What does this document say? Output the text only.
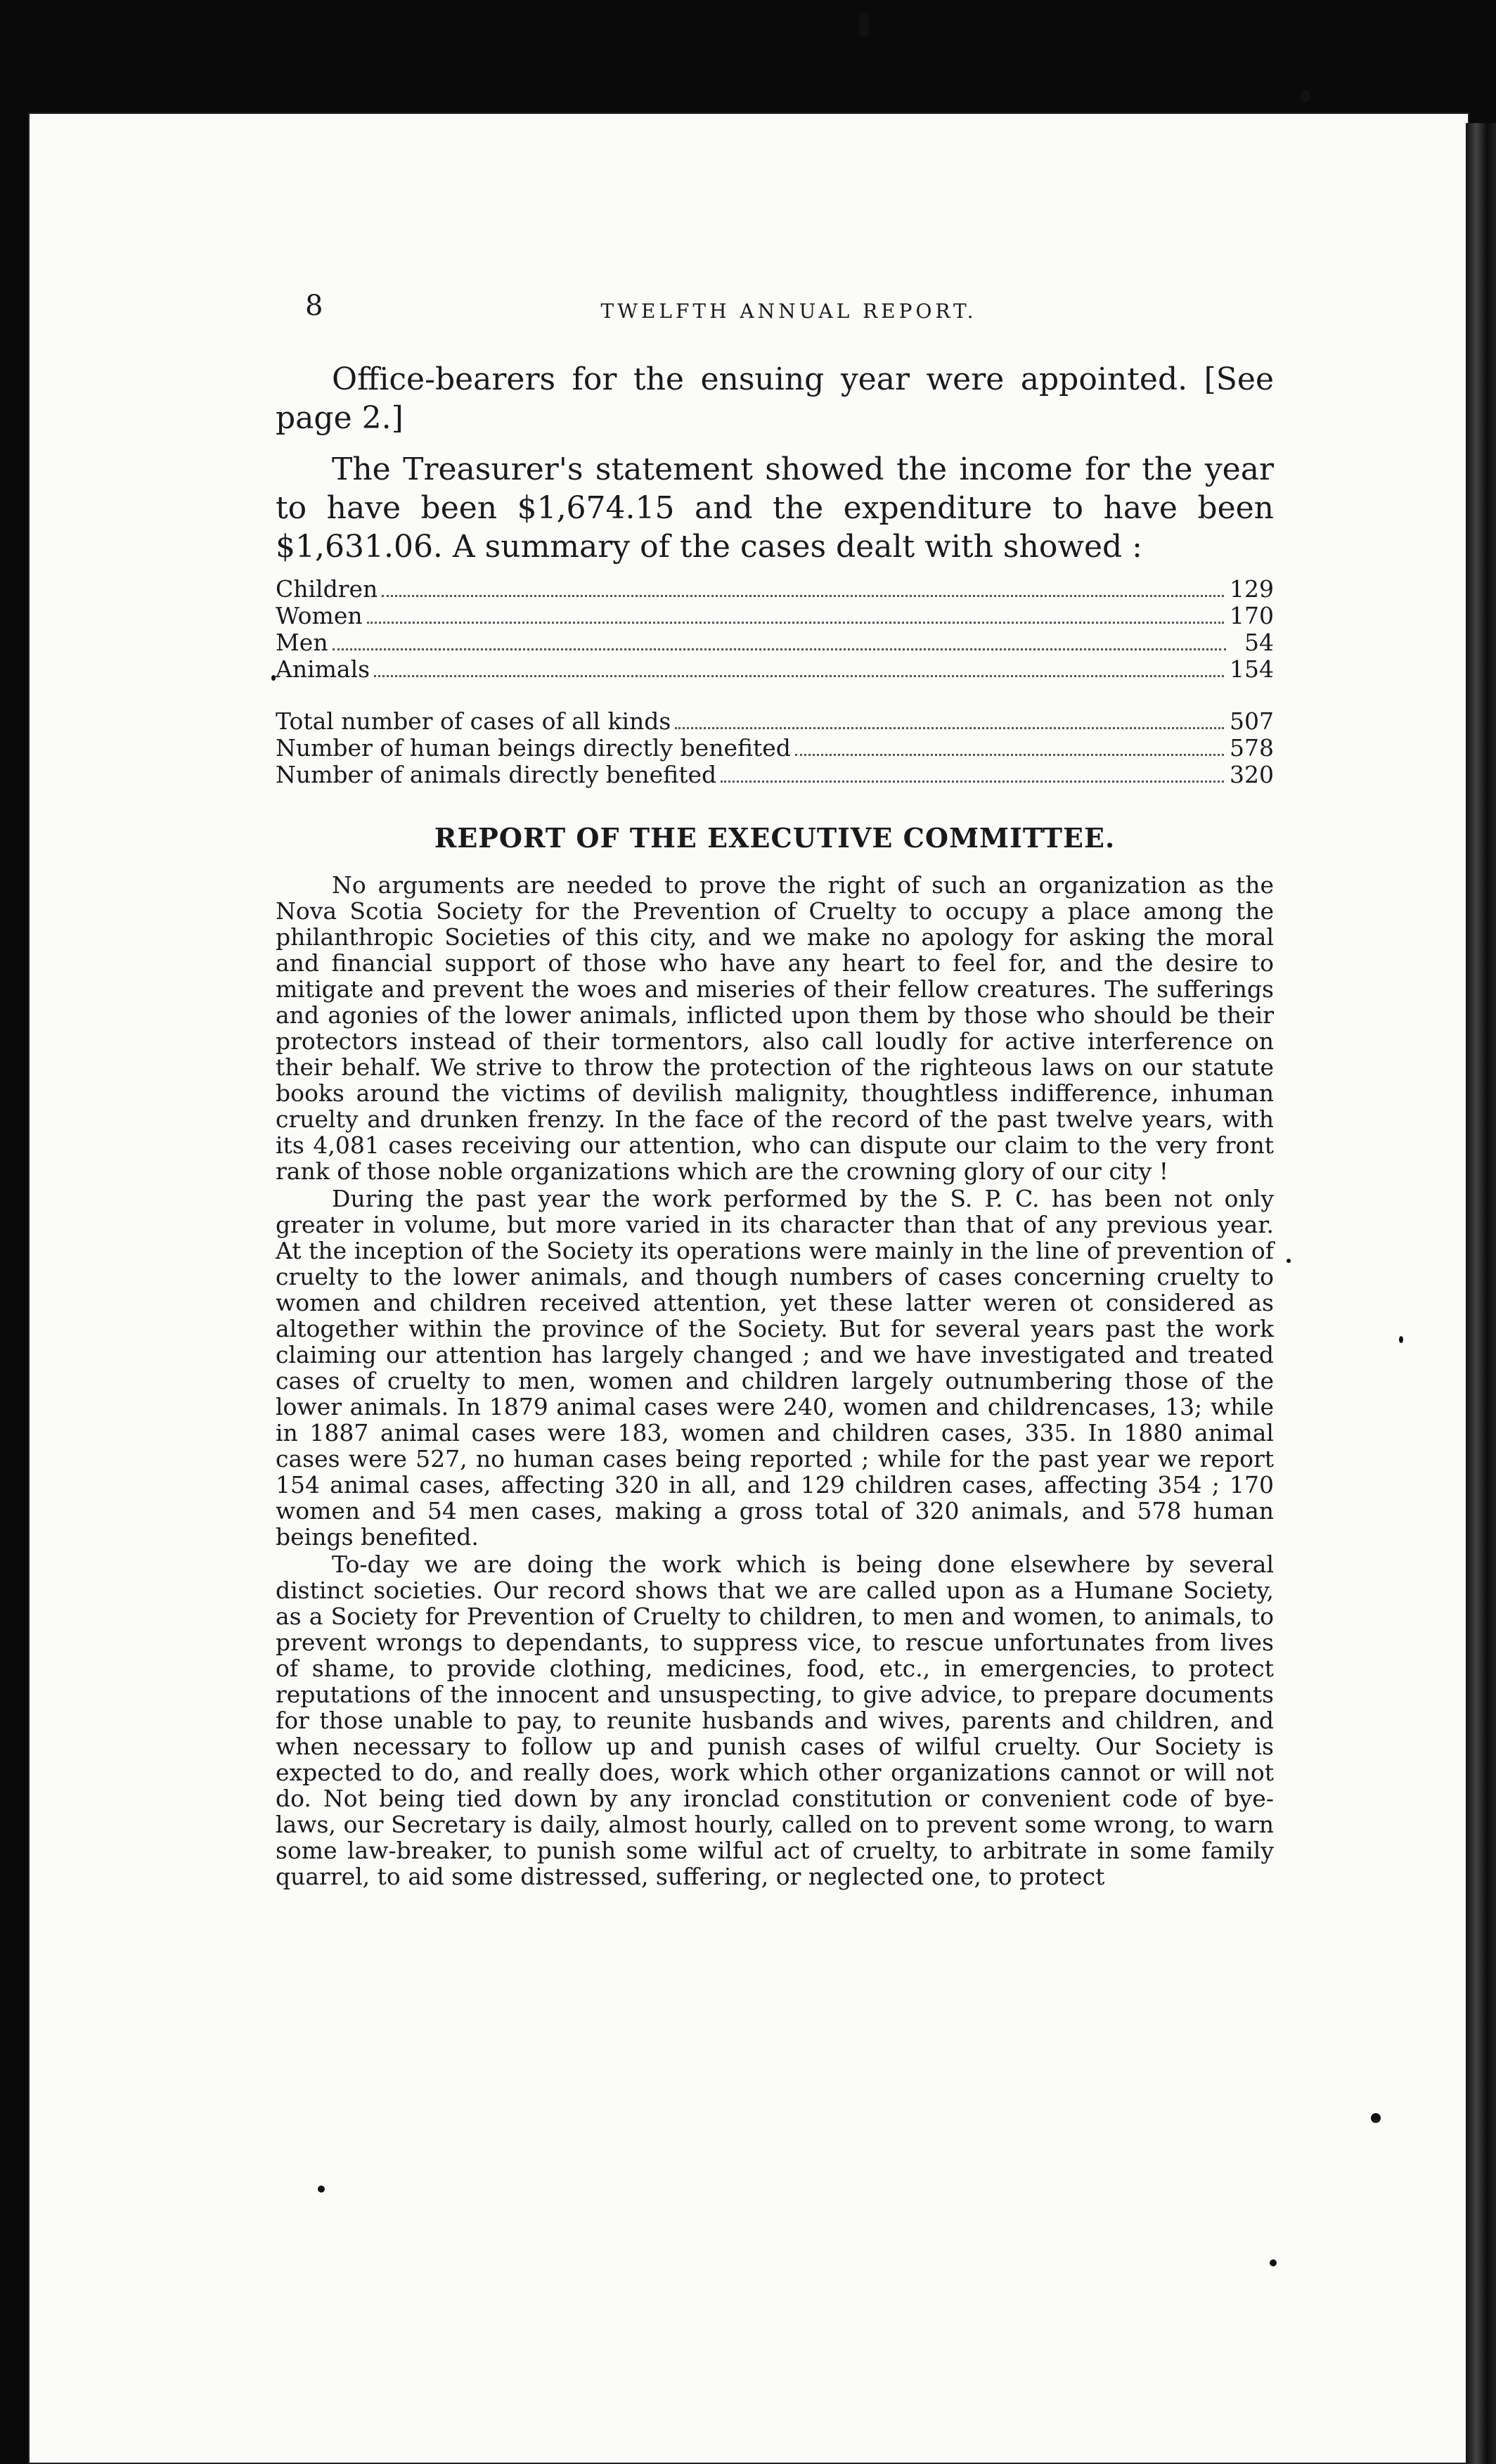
8	TWELFTH ANNUAL REPORT.

Office-bearers for the ensuing year were appointed. [See page 2.]

The Treasurer's statement showed the income for the year to have been $1,674.15 and the expenditure to have been $1,631.06. A summary of the cases dealt with showed :

Children	129
Women	170
Men	54
Animals	154
Total number of cases of all kinds	507
Number of human beings directly benefited	578
Number of animals directly benefited	320
REPORT OF THE EXECUTIVE COMMITTEE.

No arguments are needed to prove the right of such an organization as the Nova Scotia Society for the Prevention of Cruelty to occupy a place among the philanthropic Societies of this city, and we make no apology for asking the moral and financial support of those who have any heart to feel for, and the desire to mitigate and prevent the woes and miseries of their fellow creatures. The sufferings and agonies of the lower animals, inflicted upon them by those who should be their protectors instead of their tormentors, also call loudly for active interference on their behalf. We strive to throw the protection of the righteous laws on our statute books around the victims of devilish malignity, thoughtless indifference, inhuman cruelty and drunken frenzy. In the face of the record of the past twelve years, with its 4,081 cases receiving our attention, who can dispute our claim to the very front rank of those noble organizations which are the crowning glory of our city !

During the past year the work performed by the S. P. C. has been not only greater in volume, but more varied in its character than that of any previous year. At the inception of the Society its operations were mainly in the line of prevention of cruelty to the lower animals, and though numbers of cases concerning cruelty to women and children received attention, yet these latter weren ot considered as altogether within the province of the Society. But for several years past the work claiming our attention has largely changed ; and we have investigated and treated cases of cruelty to men, women and children largely outnumbering those of the lower animals. In 1879 animal cases were 240, women and childrencases, 13; while in 1887 animal cases were 183, women and children cases, 335. In 1880 animal cases were 527, no human cases being reported ; while for the past year we report 154 animal cases, affecting 320 in all, and 129 children cases, affecting 354 ; 170 women and 54 men cases, making a gross total of 320 animals, and 578 human beings benefited.

To-day we are doing the work which is being done elsewhere by several distinct societies. Our record shows that we are called upon as a Humane Society, as a Society for Prevention of Cruelty to children, to men and women, to animals, to prevent wrongs to dependants, to suppress vice, to rescue unfortunates from lives of shame, to provide clothing, medicines, food, etc., in emergencies, to protect reputations of the innocent and unsuspecting, to give advice, to prepare documents for those unable to pay, to reunite husbands and wives, parents and children, and when necessary to follow up and punish cases of wilful cruelty. Our Society is expected to do, and really does, work which other organizations cannot or will not do. Not being tied down by any ironclad constitution or convenient code of bye-laws, our Secretary is daily, almost hourly, called on to prevent some wrong, to warn some law-breaker, to punish some wilful act of cruelty, to arbitrate in some family quarrel, to aid some distressed, suffering, or neglected one, to protect
